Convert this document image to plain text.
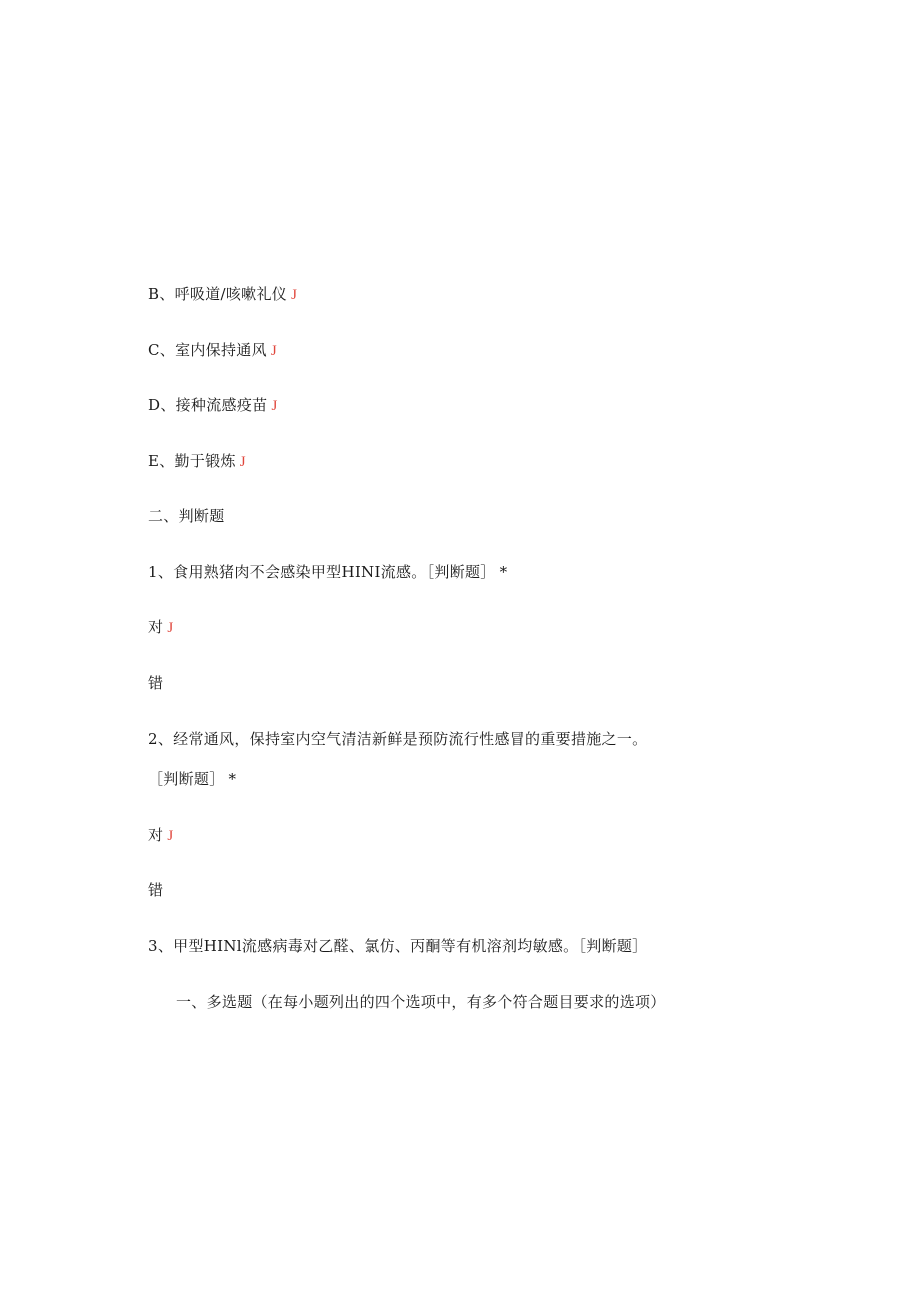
B、呼吸道/咳嗽礼仪 J
C、室内保持通风 J
D、接种流感疫苗 J
E、勤于锻炼 J
二、判断题
1、食用熟猪肉不会感染甲型HINI流感。［判断题］ *
对 J
错
2、经常通风，保持室内空气清洁新鲜是预防流行性感冒的重要措施之一。
［判断题］ *
对 J
错
3、甲型HINl流感病毒对乙醛、氯仿、丙酮等有机溶剂均敏感。［判断题］
一、多选题（在每小题列出的四个选项中，有多个符合题目要求的选项）
